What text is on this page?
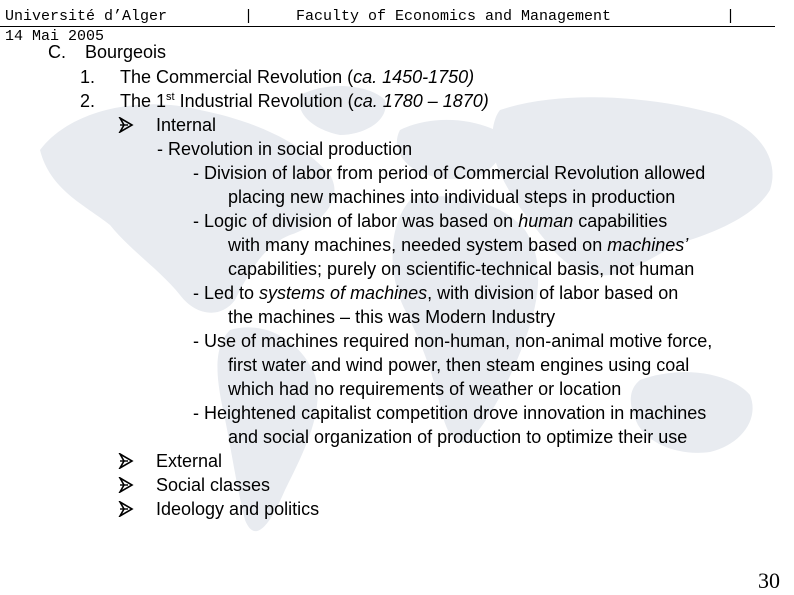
Université d’Alger

	|

	Faculty of Economics and Management

	|

14 Mai 2005

C. Bourgeois
1. The Commercial Revolution (ca. 1450-1750)
2. The 1st Industrial Revolution (ca. 1780 – 1870)
Internal
- Revolution in social production
- Division of labor from period of Commercial Revolution allowed
placing new machines into individual steps in production
- Logic of division of labor was based on human capabilities
with many machines, needed system based on machines’
capabilities; purely on scientific-technical basis, not human
- Led to systems of machines, with division of labor based on
the machines – this was Modern Industry
- Use of machines required non-human, non-animal motive force,
first water and wind power, then steam engines using coal
which had no requirements of weather or location
- Heightened capitalist competition drove innovation in machines
and social organization of production to optimize their use
External
Social classes
Ideology and politics
30
